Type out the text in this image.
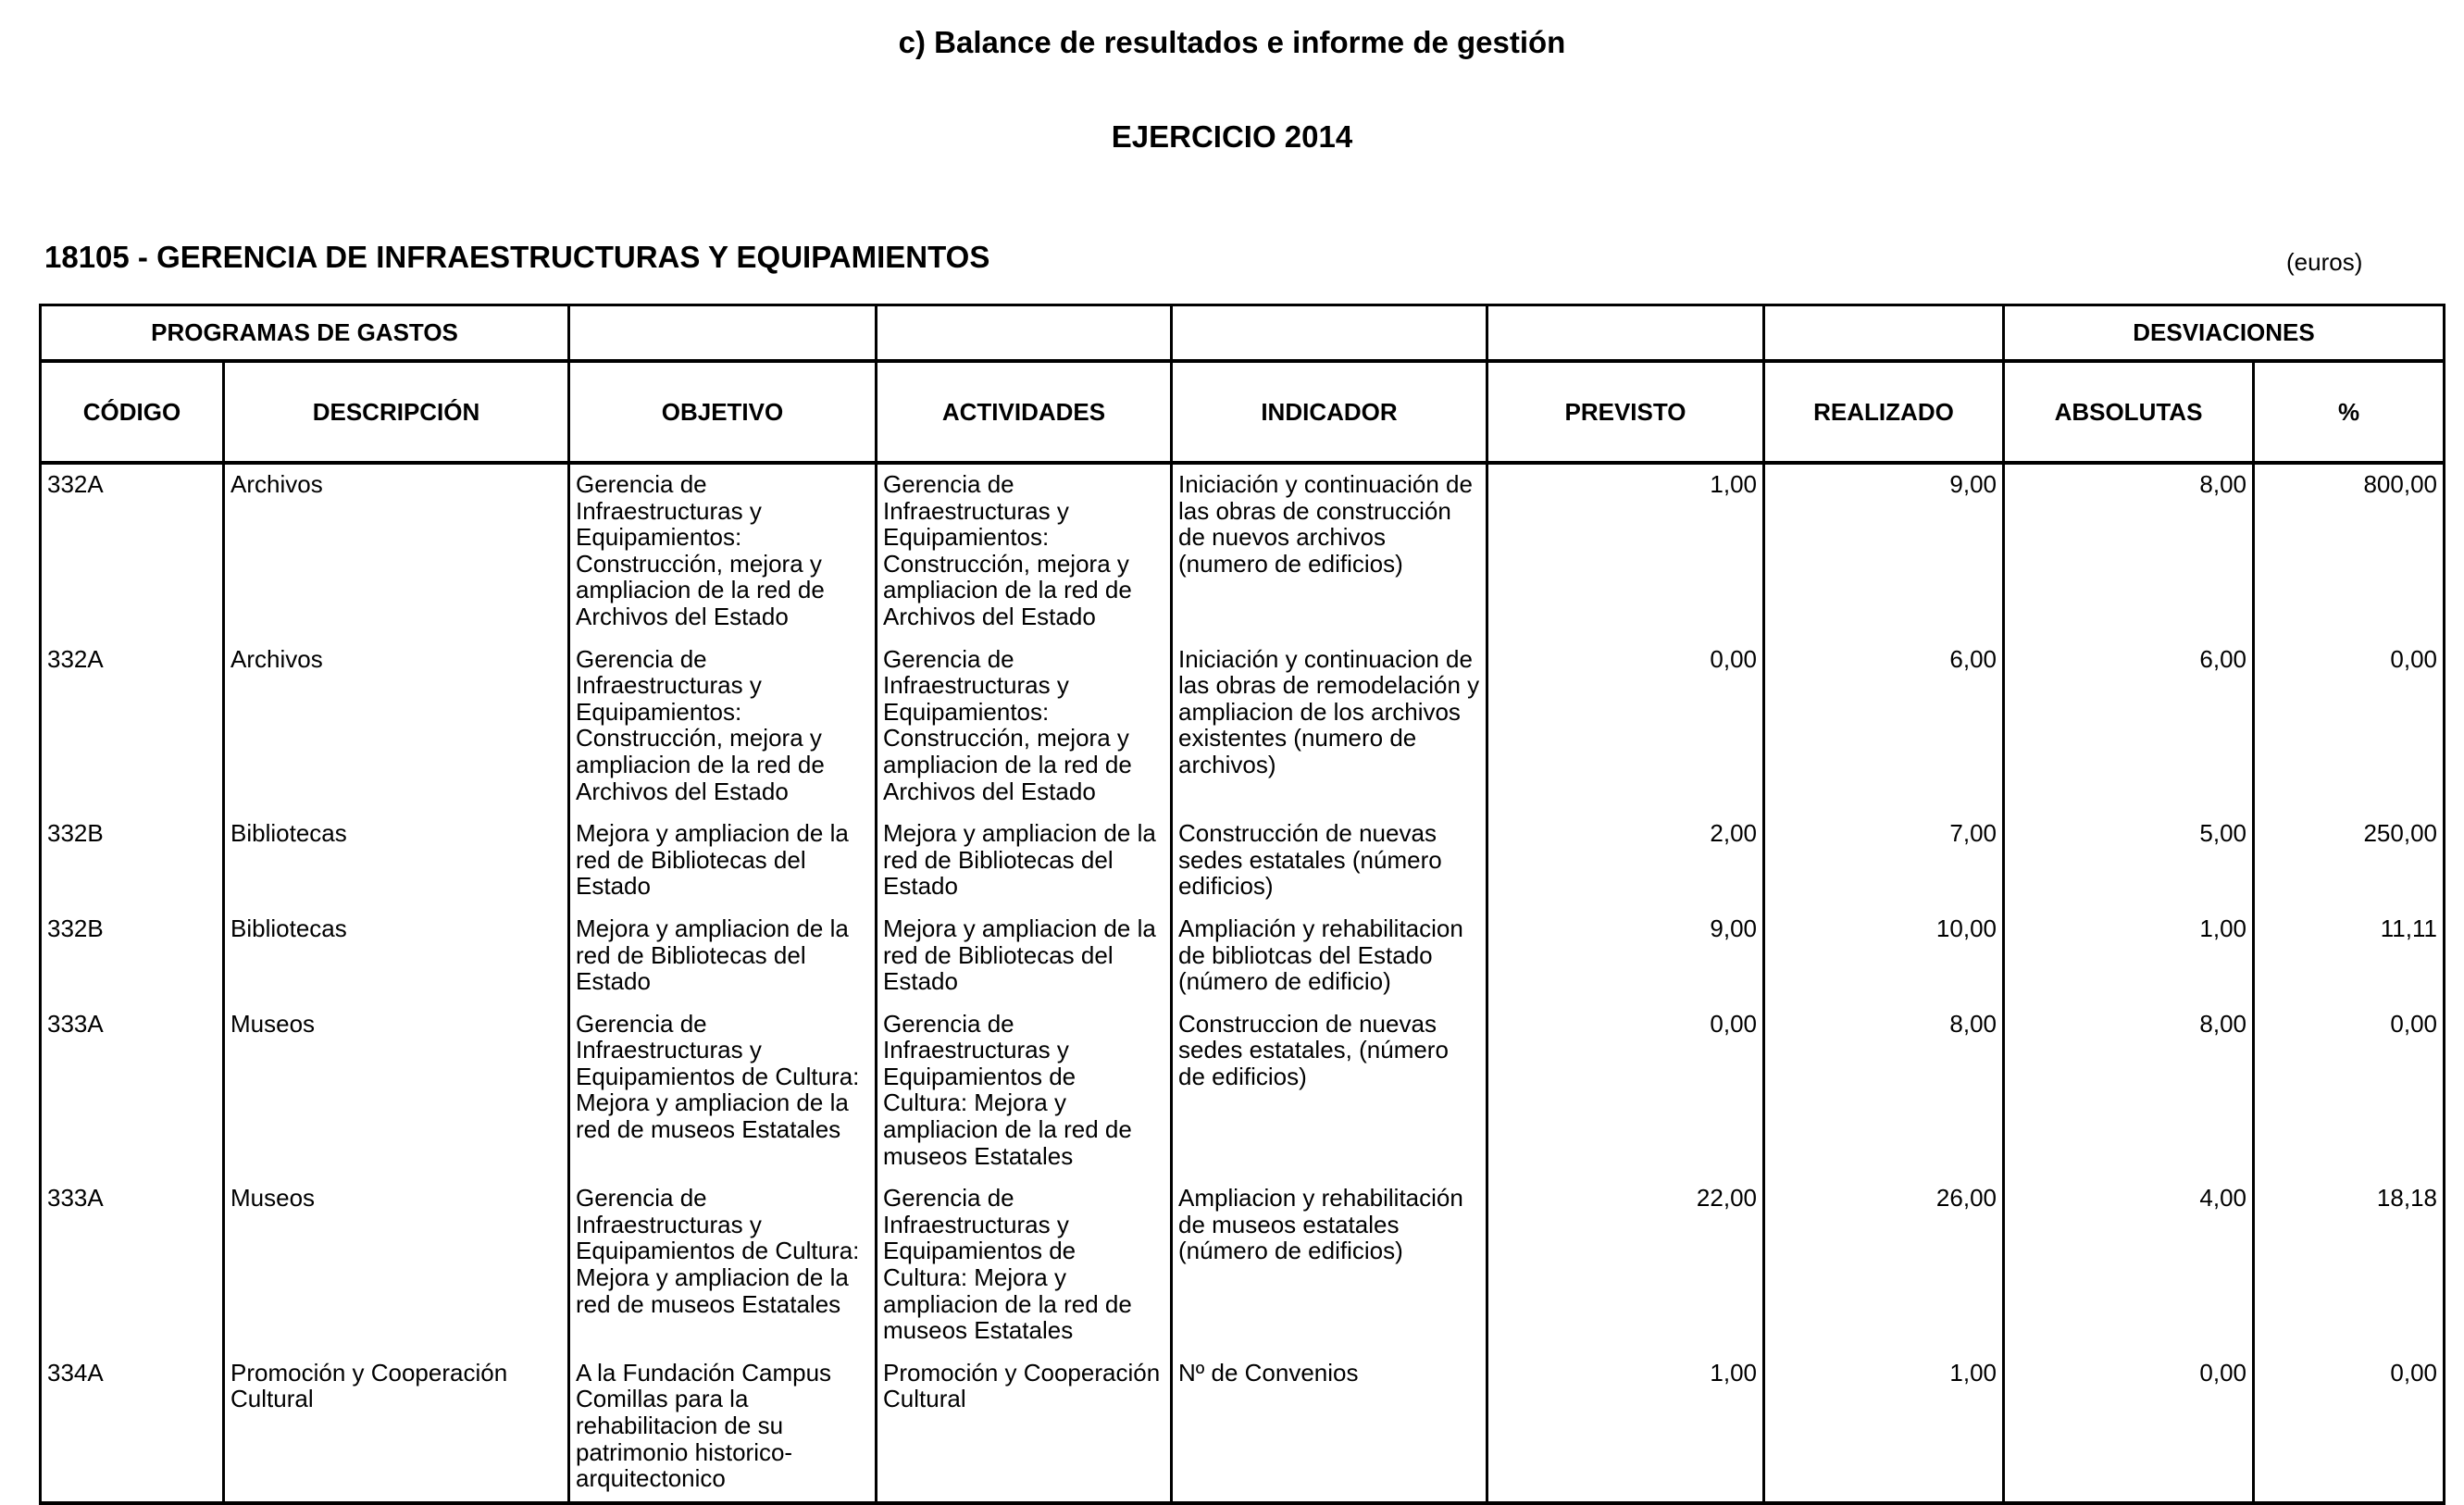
c) Balance de resultados e informe de gestión
EJERCICIO 2014
18105 - GERENCIA DE INFRAESTRUCTURAS Y EQUIPAMIENTOS	(euros)
PROGRAMAS DE GASTOS							DESVIACIONES	
CÓDIGO	DESCRIPCIÓN	OBJETIVO	ACTIVIDADES	INDICADOR	PREVISTO	REALIZADO	ABSOLUTAS	%
332A	Archivos	Gerencia de Infraestructuras y Equipamientos: Construcción, mejora y ampliacion de la red de Archivos del Estado	Gerencia de Infraestructuras y Equipamientos: Construcción, mejora y ampliacion de la red de Archivos del Estado	Iniciación y continuación de las obras de construcción de nuevos archivos (numero de edificios)	1,00	9,00	8,00	800,00
332A	Archivos	Gerencia de Infraestructuras y Equipamientos: Construcción, mejora y ampliacion de la red de Archivos del Estado	Gerencia de Infraestructuras y Equipamientos: Construcción, mejora y ampliacion de la red de Archivos del Estado	Iniciación y continuacion de las obras de remodelación y ampliacion de los archivos existentes (numero de archivos)	0,00	6,00	6,00	0,00
332B	Bibliotecas	Mejora y ampliacion de la red de Bibliotecas del Estado	Mejora y ampliacion de la red de Bibliotecas del Estado	Construcción de nuevas sedes estatales (número edificios)	2,00	7,00	5,00	250,00
332B	Bibliotecas	Mejora y ampliacion de la red de Bibliotecas del Estado	Mejora y ampliacion de la red de Bibliotecas del Estado	Ampliación y rehabilitacion de bibliotcas del Estado (número de edificio)	9,00	10,00	1,00	11,11
333A	Museos	Gerencia de Infraestructuras y Equipamientos de Cultura: Mejora y ampliacion de la red de museos Estatales	Gerencia de Infraestructuras y Equipamientos de Cultura: Mejora y ampliacion de la red de museos Estatales	Construccion de nuevas sedes estatales, (número de edificios)	0,00	8,00	8,00	0,00
333A	Museos	Gerencia de Infraestructuras y Equipamientos de Cultura: Mejora y ampliacion de la red de museos Estatales	Gerencia de Infraestructuras y Equipamientos de Cultura: Mejora y ampliacion de la red de museos Estatales	Ampliacion y rehabilitación de museos estatales (número de edificios)	22,00	26,00	4,00	18,18
334A	Promoción y Cooperación Cultural	A la Fundación Campus Comillas para la rehabilitacion de su patrimonio historico-arquitectonico	Promoción y Cooperación Cultural	Nº de Convenios	1,00	1,00	0,00	0,00
